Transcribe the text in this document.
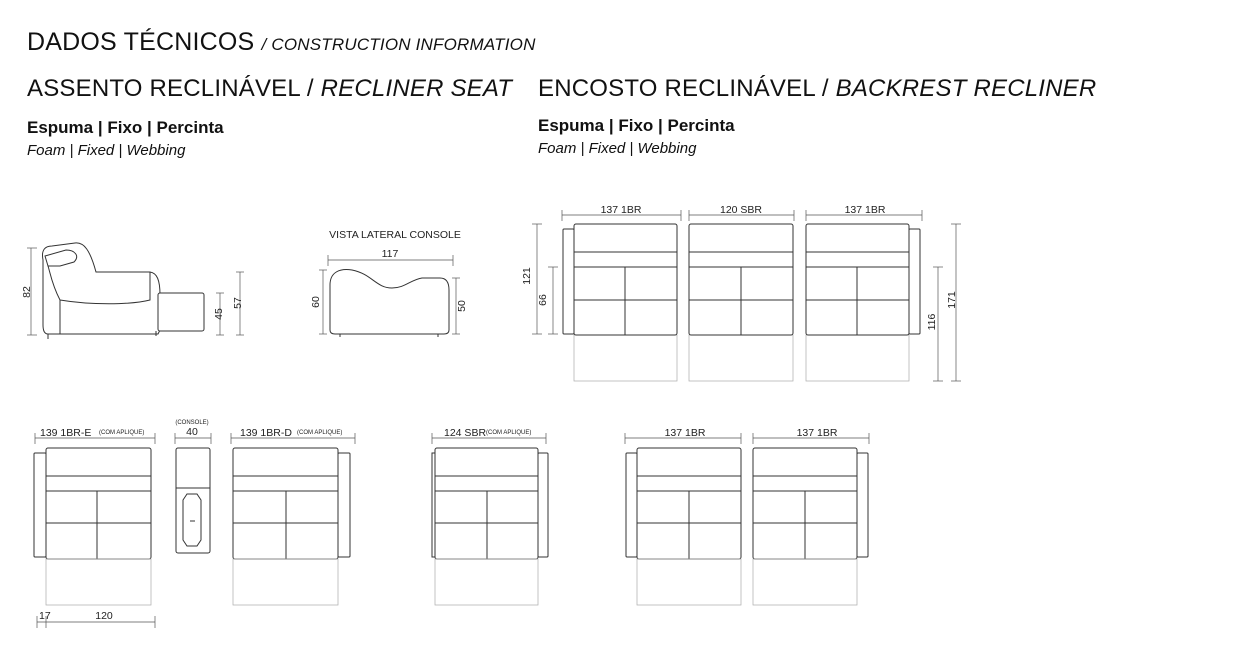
DADOS TÉCNICOS / CONSTRUCTION INFORMATION
ASSENTO RECLINÁVEL / RECLINER SEAT ENCOSTO RECLINÁVEL / BACKREST RECLINER
Espuma | Fixo | Percinta
Foam | Fixed | Webbing
Espuma | Fixo | Percinta
Foam | Fixed | Webbing
82
45
57
VISTA LATERAL CONSOLE
117
60	50
137 1BR	120 SBR	137 1BR
121
66
116
171
139 1BR-E (COM APLIQUE)
(CONSOLE)
40	139 1BR-D (COM APLIQUE)
17	120
124 SBR (COM APLIQUE)	137 1BR	137 1BR
